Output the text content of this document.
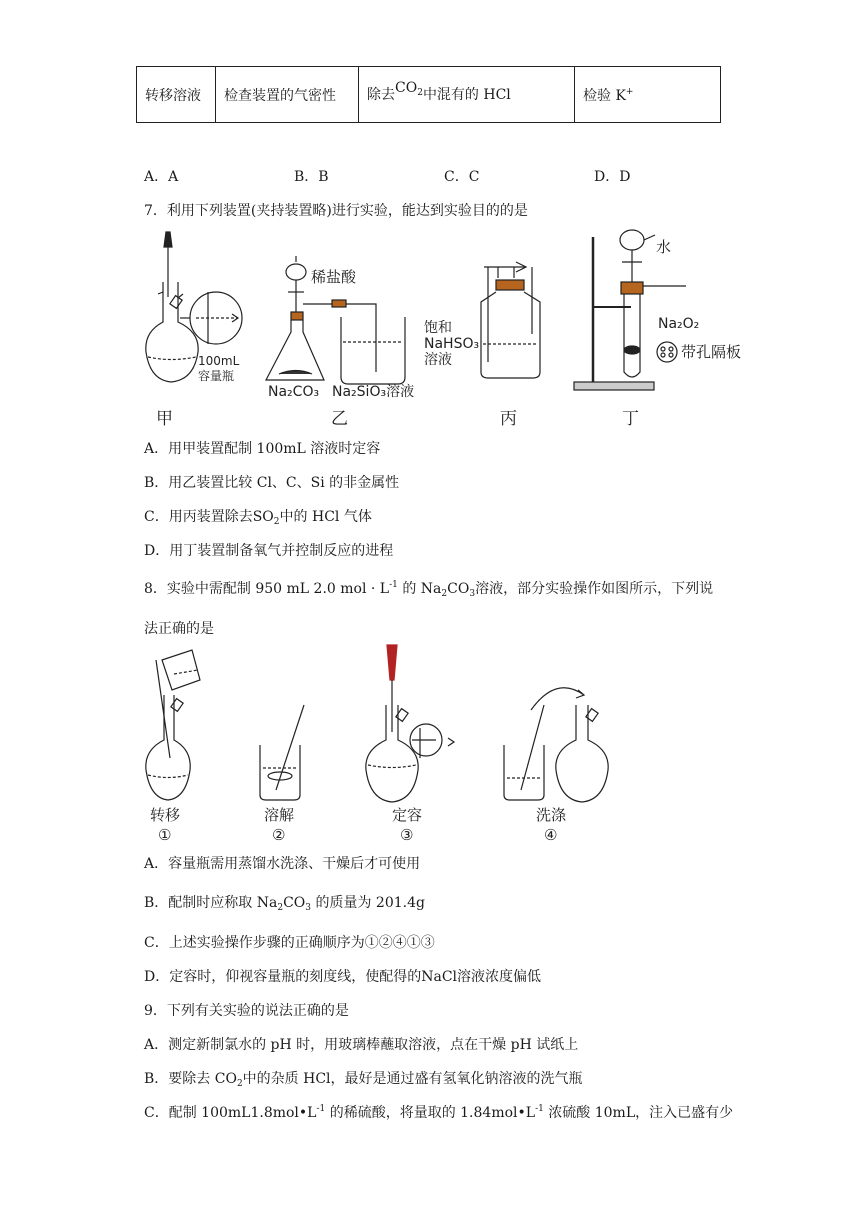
转移溶液	检查装置的气密性	除去$CO_2$中混有的 HCl	检验 K+
A．A	B．B	C．C	D．D
7．利用下列装置(夹持装置略)进行实验，能达到实验目的的是
100mL
容量瓶
稀盐酸
Na₂CO₃ Na₂SiO₃溶液
饱和
NaHSO₃
溶液
水
Na₂O₂
带孔隔板
甲	乙	丙	丁
A．用甲装置配制 100mL 溶液时定容
B．用乙装置比较 Cl、C、Si 的非金属性
C．用丙装置除去$SO_2$中的 HCl 气体
D．用丁装置制备氧气并控制反应的进程
8．实验中需配制 950 mL 2.0 mol · $L^{-1}$ 的 $Na_2CO_3$溶液，部分实验操作如图所示，下列说
法正确的是
转移
①
溶解
②
定容
③
洗涤
④
A．容量瓶需用蒸馏水洗涤、干燥后才可使用
B．配制时应称取 $Na_2CO_3$ 的质量为 201.4g
C．上述实验操作步骤的正确顺序为①②④①③
D．定容时，仰视容量瓶的刻度线，使配得的NaCl溶液浓度偏低
9．下列有关实验的说法正确的是
A．测定新制氯水的 pH 时，用玻璃棒蘸取溶液，点在干燥 pH 试纸上
B．要除去 $CO_2$中的杂质 HCl，最好是通过盛有氢氧化钠溶液的洗气瓶
C．配制 $100mL1.8mol•L^{-1}$ 的稀硫酸，将量取的 $1.84mol•L^{-1}$ 浓硫酸 10mL，注入已盛有少
